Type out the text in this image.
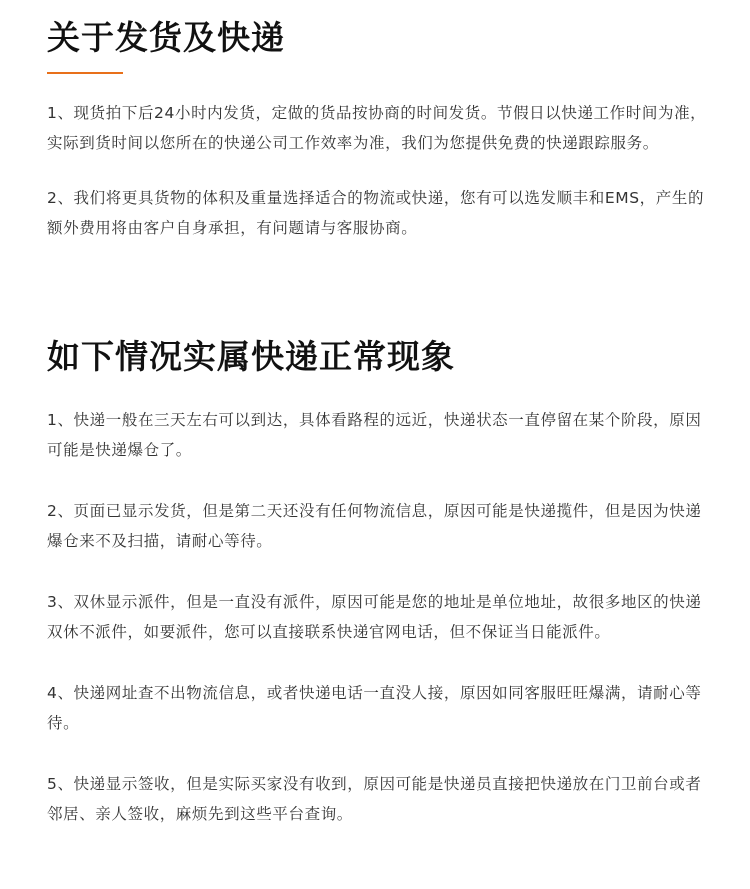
关于发货及快递

1、现货拍下后24小时内发货，定做的货品按协商的时间发货。节假日以快递工作时间为准，实际到货时间以您所在的快递公司工作效率为准，我们为您提供免费的快递跟踪服务。

2、我们将更具货物的体积及重量选择适合的物流或快递，您有可以选发顺丰和EMS，产生的额外费用将由客户自身承担，有问题请与客服协商。

如下情况实属快递正常现象

1、快递一般在三天左右可以到达，具体看路程的远近，快递状态一直停留在某个阶段，原因可能是快递爆仓了。

2、页面已显示发货，但是第二天还没有任何物流信息，原因可能是快递揽件，但是因为快递爆仓来不及扫描，请耐心等待。

3、双休显示派件，但是一直没有派件，原因可能是您的地址是单位地址，故很多地区的快递双休不派件，如要派件，您可以直接联系快递官网电话，但不保证当日能派件。

4、快递网址查不出物流信息，或者快递电话一直没人接，原因如同客服旺旺爆满，请耐心等待。

5、快递显示签收，但是实际买家没有收到，原因可能是快递员直接把快递放在门卫前台或者邻居、亲人签收，麻烦先到这些平台查询。
